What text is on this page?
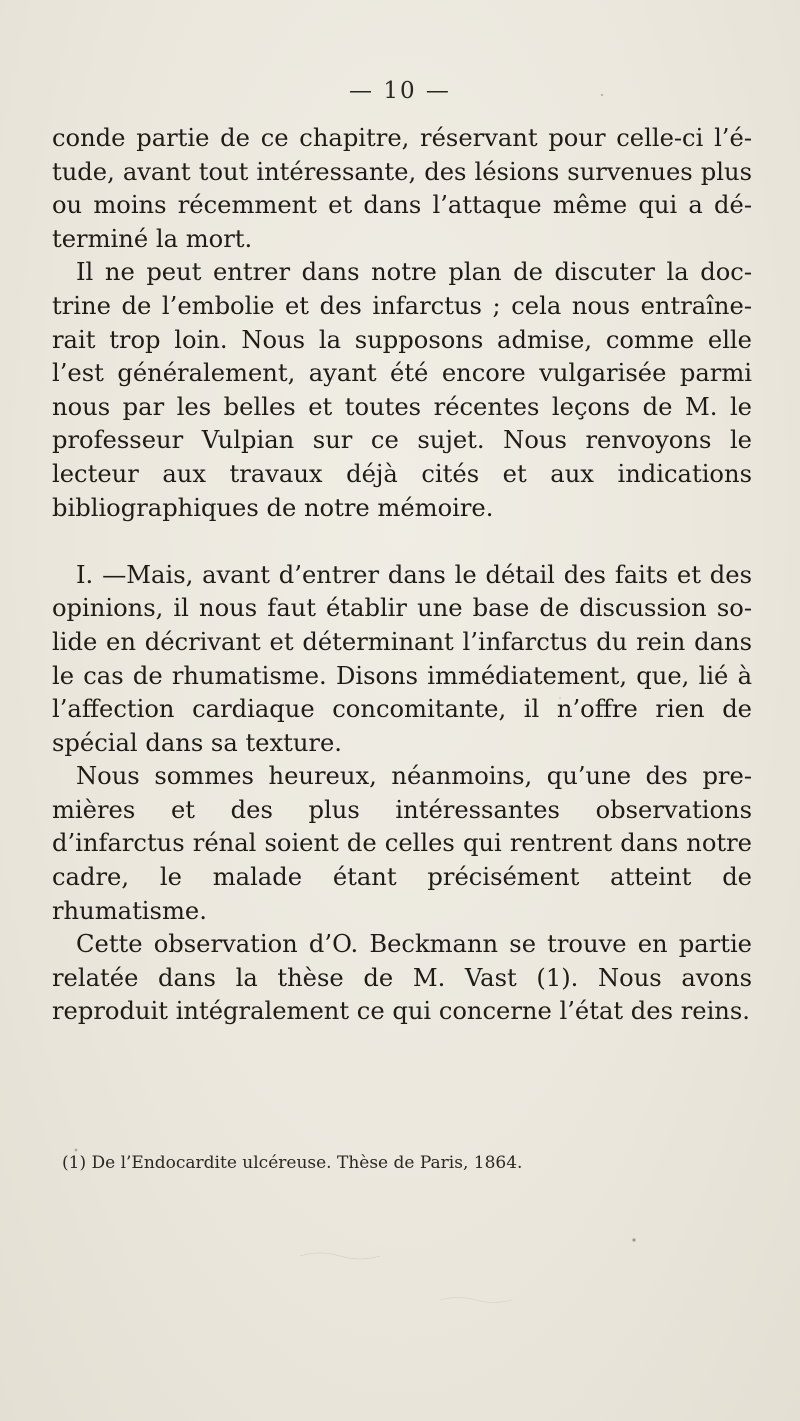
— 10 —

conde partie de ce chapitre, réservant pour celle-ci l’étude, avant tout intéressante, des lésions survenues plus ou moins récemment et dans l’attaque même qui a déterminé la mort.

Il ne peut entrer dans notre plan de discuter la doctrine de l’embolie et des infarctus ; cela nous entraînerait trop loin. Nous la supposons admise, comme elle l’est généralement, ayant été encore vulgarisée parmi nous par les belles et toutes récentes leçons de M. le professeur Vulpian sur ce sujet. Nous renvoyons le lecteur aux travaux déjà cités et aux indications bibliographiques de notre mémoire.

I. —Mais, avant d’entrer dans le détail des faits et des opinions, il nous faut établir une base de discussion solide en décrivant et déterminant l’infarctus du rein dans le cas de rhumatisme. Disons immédiatement, que, lié à l’affection cardiaque concomitante, il n’offre rien de spécial dans sa texture.

Nous sommes heureux, néanmoins, qu’une des premières et des plus intéressantes observations d’infarctus rénal soient de celles qui rentrent dans notre cadre, le malade étant précisément atteint de rhumatisme.

Cette observation d’O. Beckmann se trouve en partie relatée dans la thèse de M. Vast (1). Nous avons reproduit intégralement ce qui concerne l’état des reins.

(1) De l’Endocardite ulcéreuse. Thèse de Paris, 1864.
